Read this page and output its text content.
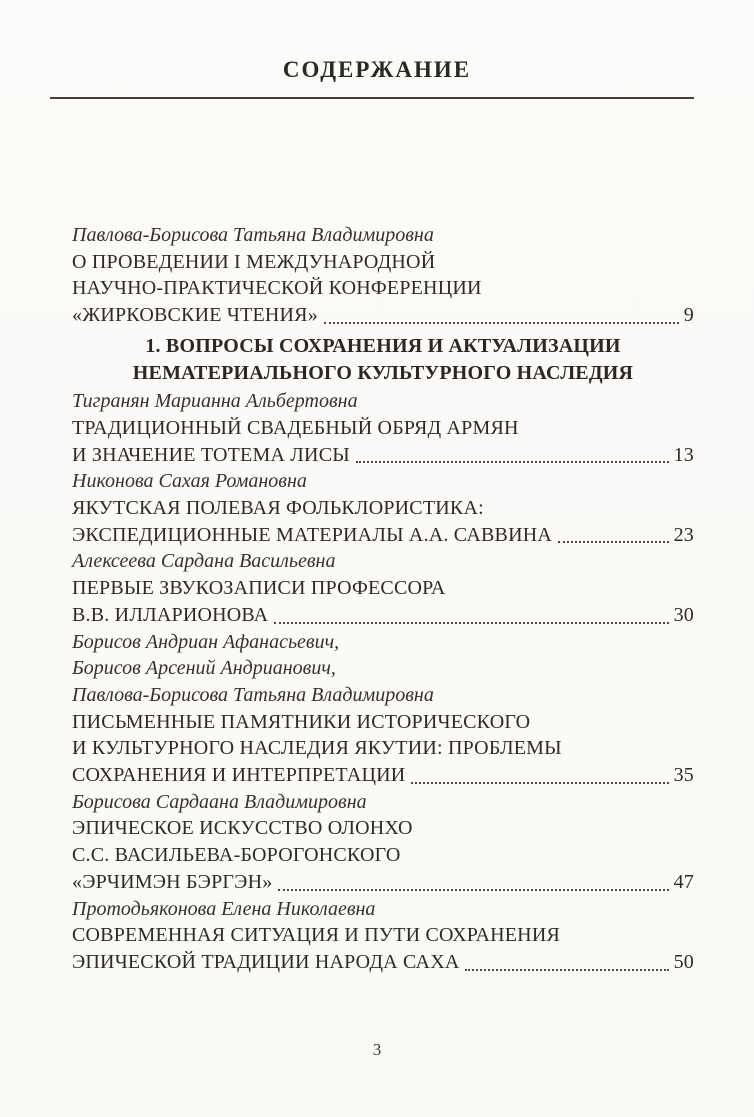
СОДЕРЖАНИЕ
Павлова-Борисова Татьяна Владимировна
О ПРОВЕДЕНИИ I МЕЖДУНАРОДНОЙ
НАУЧНО-ПРАКТИЧЕСКОЙ КОНФЕРЕНЦИИ
«ЖИРКОВСКИЕ ЧТЕНИЯ»	9
1. ВОПРОСЫ СОХРАНЕНИЯ И АКТУАЛИЗАЦИИ
НЕМАТЕРИАЛЬНОГО КУЛЬТУРНОГО НАСЛЕДИЯ
Тигранян Марианна Альбертовна
ТРАДИЦИОННЫЙ СВАДЕБНЫЙ ОБРЯД АРМЯН
И ЗНАЧЕНИЕ ТОТЕМА ЛИСЫ	13
Никонова Сахая Романовна
ЯКУТСКАЯ ПОЛЕВАЯ ФОЛЬКЛОРИСТИКА:
ЭКСПЕДИЦИОННЫЕ МАТЕРИАЛЫ А.А. САВВИНА	23
Алексеева Сардана Васильевна
ПЕРВЫЕ ЗВУКОЗАПИСИ ПРОФЕССОРА
В.В. ИЛЛАРИОНОВА	30
Борисов Андриан Афанасьевич,
Борисов Арсений Андрианович,
Павлова-Борисова Татьяна Владимировна
ПИСЬМЕННЫЕ ПАМЯТНИКИ ИСТОРИЧЕСКОГО
И КУЛЬТУРНОГО НАСЛЕДИЯ ЯКУТИИ: ПРОБЛЕМЫ
СОХРАНЕНИЯ И ИНТЕРПРЕТАЦИИ	35
Борисова Сардаана Владимировна
ЭПИЧЕСКОЕ ИСКУССТВО ОЛОНХО
С.С. ВАСИЛЬЕВА-БОРОГОНСКОГО
«ЭРЧИМЭН БЭРГЭН»	47
Протодьяконова Елена Николаевна
СОВРЕМЕННАЯ СИТУАЦИЯ И ПУТИ СОХРАНЕНИЯ
ЭПИЧЕСКОЙ ТРАДИЦИИ НАРОДА САХА	50
3
